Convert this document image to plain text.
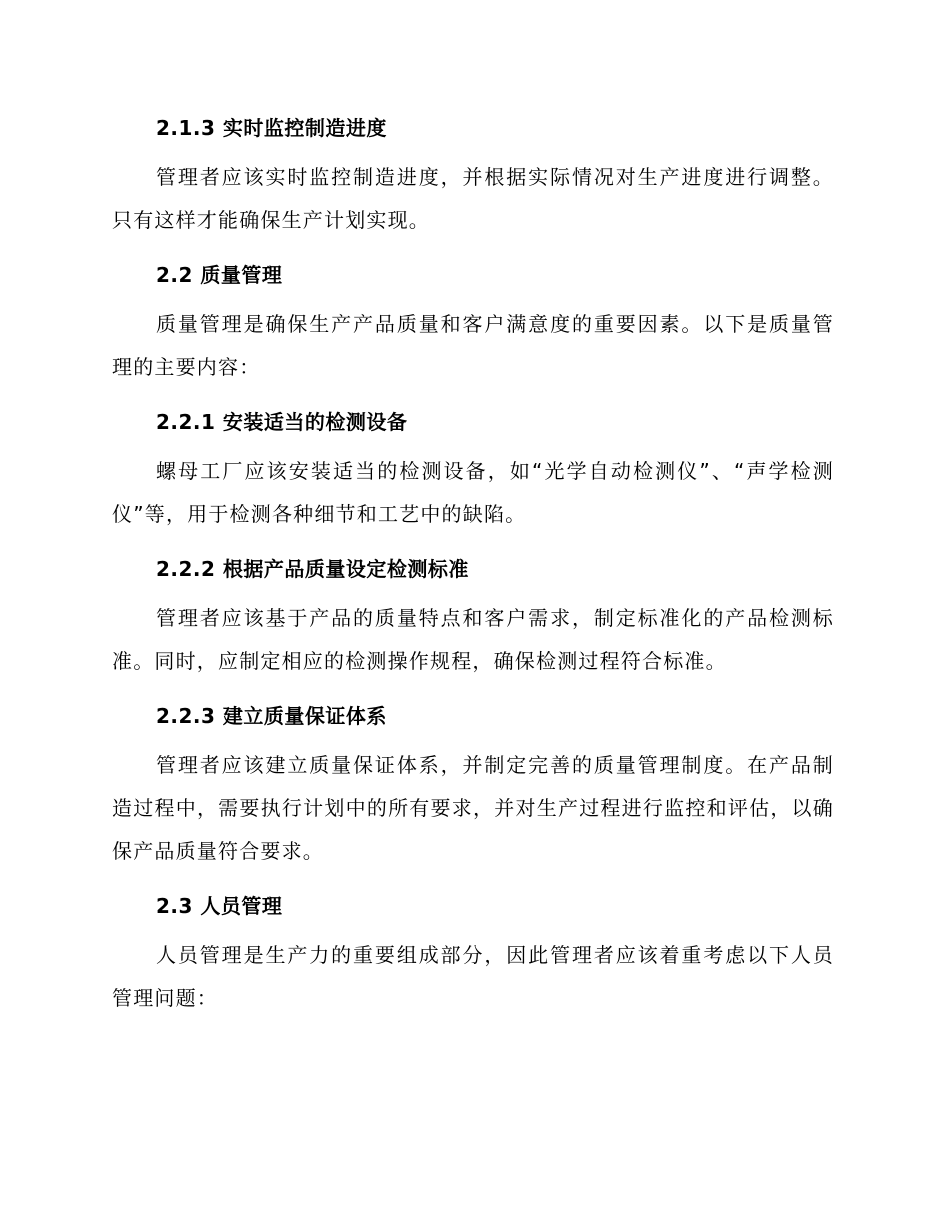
2.1.3 实时监控制造进度

管理者应该实时监控制造进度，并根据实际情况对生产进度进行调整。只有这样才能确保生产计划实现。

2.2 质量管理

质量管理是确保生产产品质量和客户满意度的重要因素。以下是质量管理的主要内容：

2.2.1 安装适当的检测设备

螺母工厂应该安装适当的检测设备，如“光学自动检测仪”、“声学检测仪”等，用于检测各种细节和工艺中的缺陷。

2.2.2 根据产品质量设定检测标准

管理者应该基于产品的质量特点和客户需求，制定标准化的产品检测标准。同时，应制定相应的检测操作规程，确保检测过程符合标准。

2.2.3 建立质量保证体系

管理者应该建立质量保证体系，并制定完善的质量管理制度。在产品制造过程中，需要执行计划中的所有要求，并对生产过程进行监控和评估，以确保产品质量符合要求。

2.3 人员管理

人员管理是生产力的重要组成部分，因此管理者应该着重考虑以下人员管理问题：
